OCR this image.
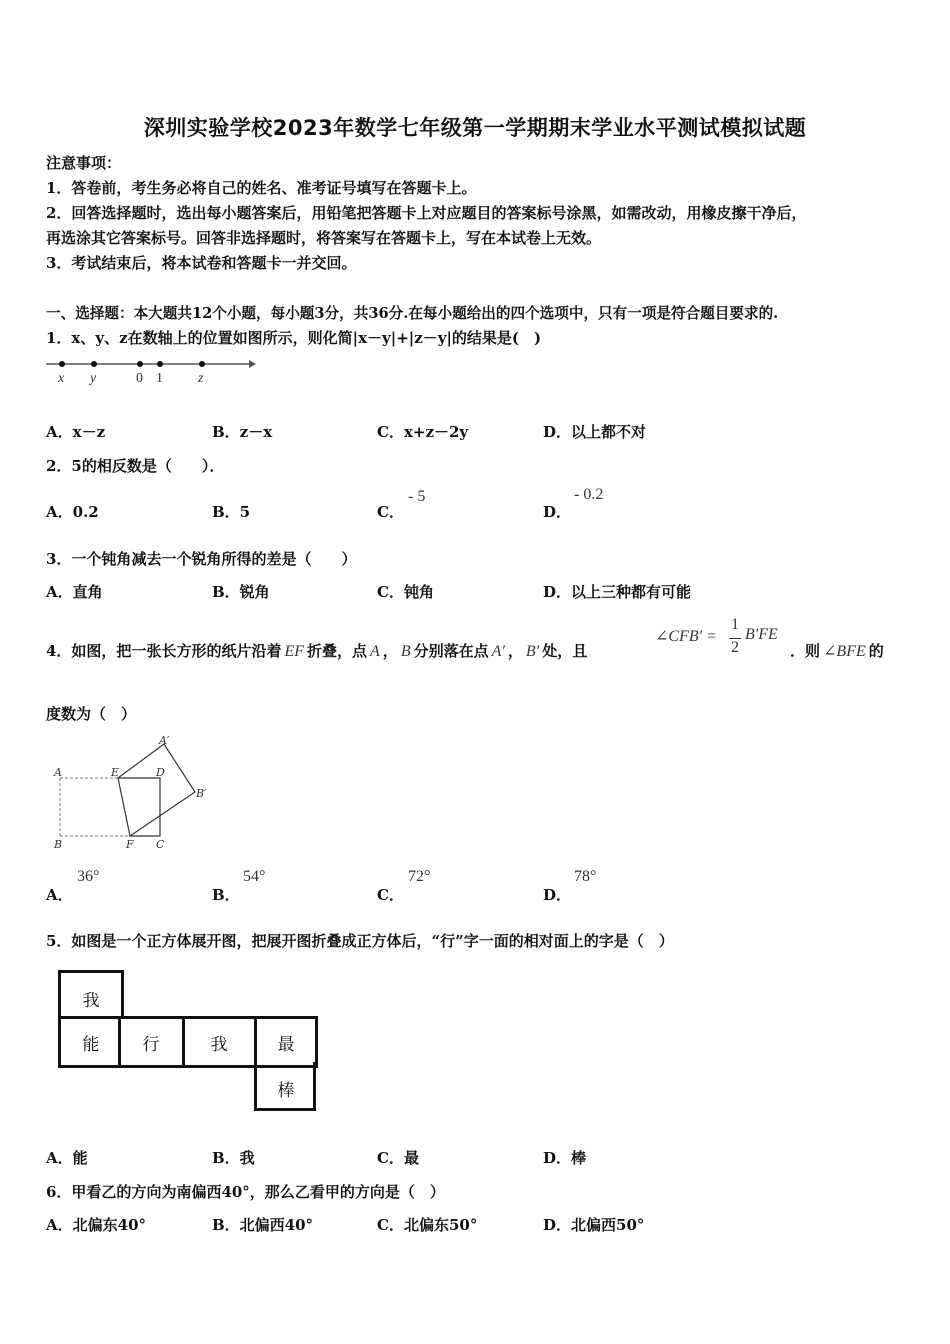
深圳实验学校2023年数学七年级第一学期期末学业水平测试模拟试题
注意事项：
1．答卷前，考生务必将自己的姓名、准考证号填写在答题卡上。
2．回答选择题时，选出每小题答案后，用铅笔把答题卡上对应题目的答案标号涂黑，如需改动，用橡皮擦干净后，
再选涂其它答案标号。回答非选择题时，将答案写在答题卡上，写在本试卷上无效。
3．考试结束后，将本试卷和答题卡一并交回。
一、选择题：本大题共12个小题，每小题3分，共36分.在每小题给出的四个选项中，只有一项是符合题目要求的.
1．x、y、z在数轴上的位置如图所示，则化简|x－y|+|z－y|的结果是(　)
x y	0 1	z
A．x－z	B．z－x	C．x+z－2y	D．以上都不对
2．5的相反数是（　　）．
A．0.2	B．5	C．
- 5
D．
- 0.2
3．一个钝角减去一个锐角所得的差是（　　）
A．直角	B．锐角	C．钝角	D．以上三种都有可能
4．如图，把一张长方形的纸片沿着 EF 折叠，点 A ， B 分别落在点 A′ ， B′ 处，且
∠CFB′ =
1
2
B′FE
．则 ∠BFE 的
度数为（　）
A	E	D
A′
B′
B	F C
A．
36°
B．
54°
C．
72°
D．
78°
5．如图是一个正方体展开图，把展开图折叠成正方体后，“行”字一面的相对面上的字是（　）
我
能	行	我	最
棒
A．能	B．我	C．最	D．棒
6．甲看乙的方向为南偏西40°，那么乙看甲的方向是（　）
A．北偏东40°	B．北偏西40°	C．北偏东50°	D．北偏西50°
